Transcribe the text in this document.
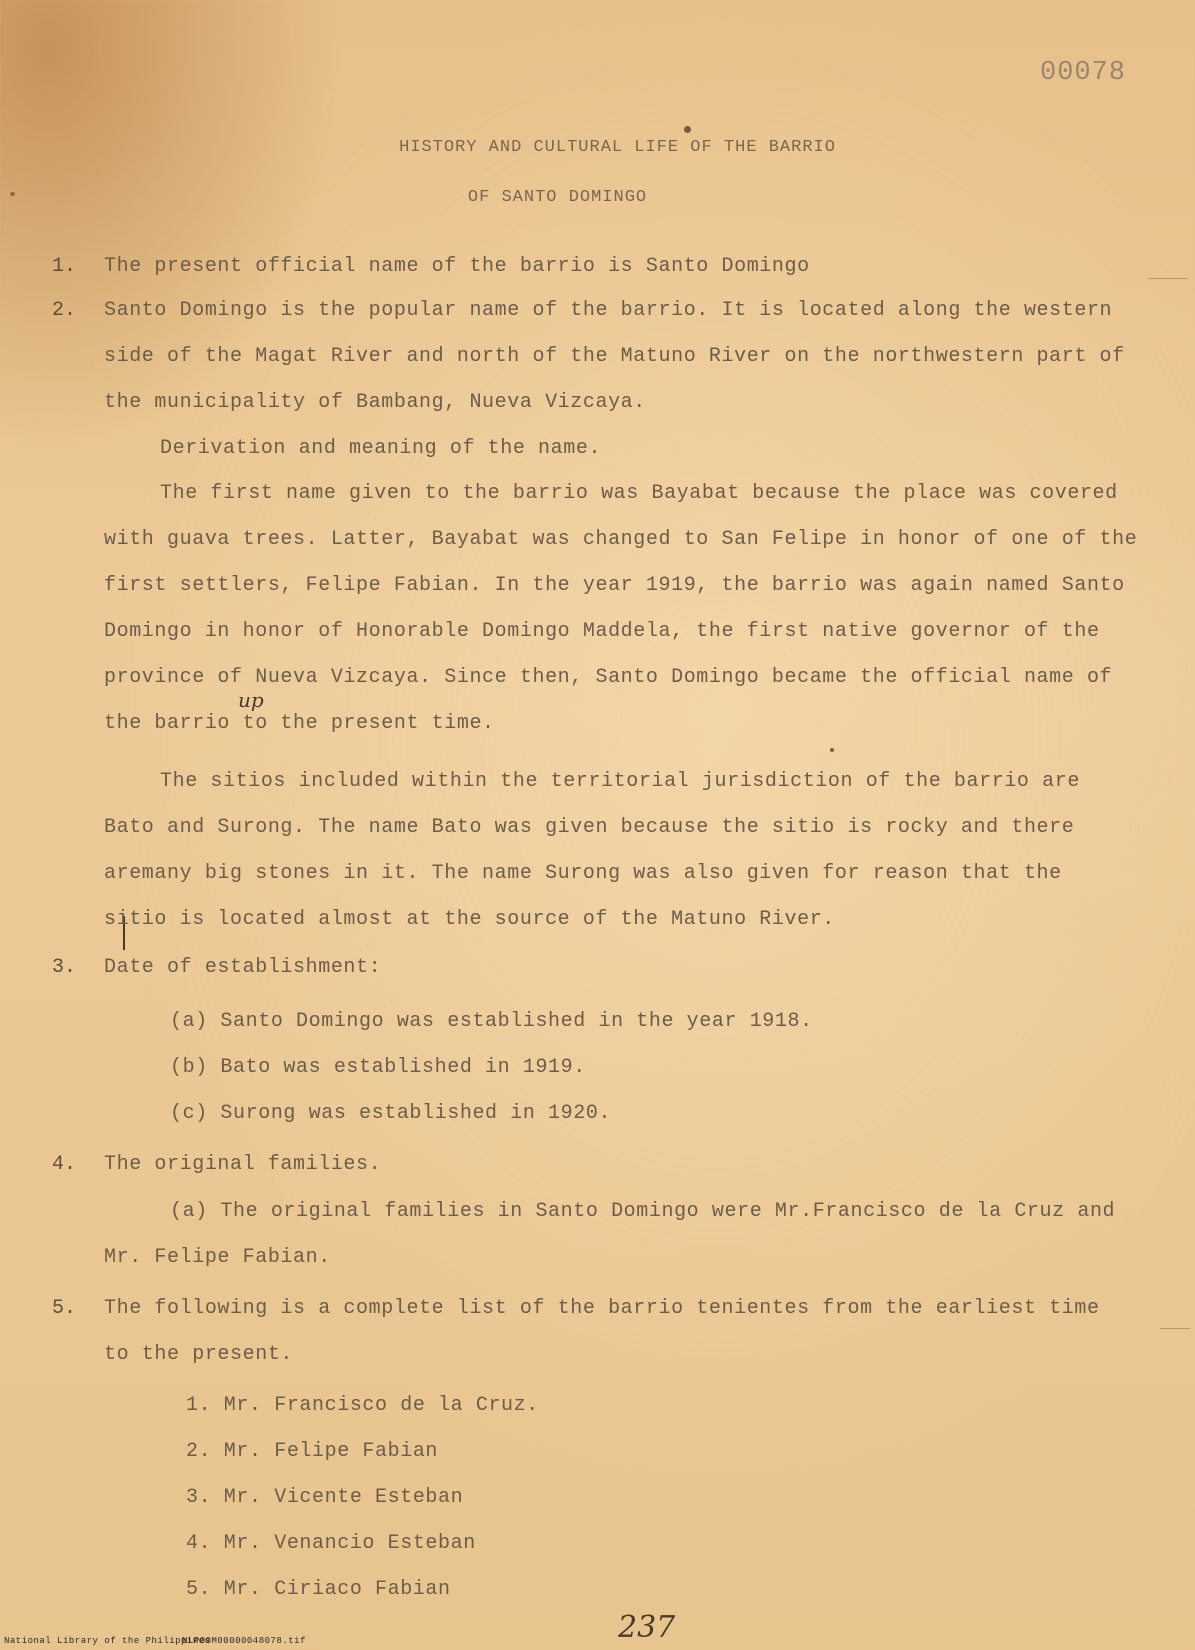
00078
HISTORY AND CULTURAL LIFE OF THE BARRIO
OF SANTO DOMINGO
1. The present official name of the barrio is Santo Domingo
2. Santo Domingo is the popular name of the barrio. It is located along the western
side of the Magat River and north of the Matuno River on the northwestern part of
the municipality of Bambang, Nueva Vizcaya.
Derivation and meaning of the name.
The first name given to the barrio was Bayabat because the place was covered
with guava trees. Latter, Bayabat was changed to San Felipe in honor of one of the
first settlers, Felipe Fabian. In the year 1919, the barrio was again named Santo
Domingo in honor of Honorable Domingo Maddela, the first native governor of the
province of Nueva Vizcaya. Since then, Santo Domingo became the official name of
the barrio to the present time.
up
The sitios included within the territorial jurisdiction of the barrio are
Bato and Surong. The name Bato was given because the sitio is rocky and there
aremany big stones in it. The name Surong was also given for reason that the
sitio is located almost at the source of the Matuno River.
3. Date of establishment:
(a) Santo Domingo was established in the year 1918.
(b) Bato was established in 1919.
(c) Surong was established in 1920.
4. The original families.
(a) The original families in Santo Domingo were Mr.Francisco de la Cruz and
Mr. Felipe Fabian.
5. The following is a complete list of the barrio tenientes from the earliest time
to the present.
1. Mr. Francisco de la Cruz.
2. Mr. Felipe Fabian
3. Mr. Vicente Esteban
4. Mr. Venancio Esteban
5. Mr. Ciriaco Fabian
237
National Library of the Philippines
NLP00M00000048078.tif
